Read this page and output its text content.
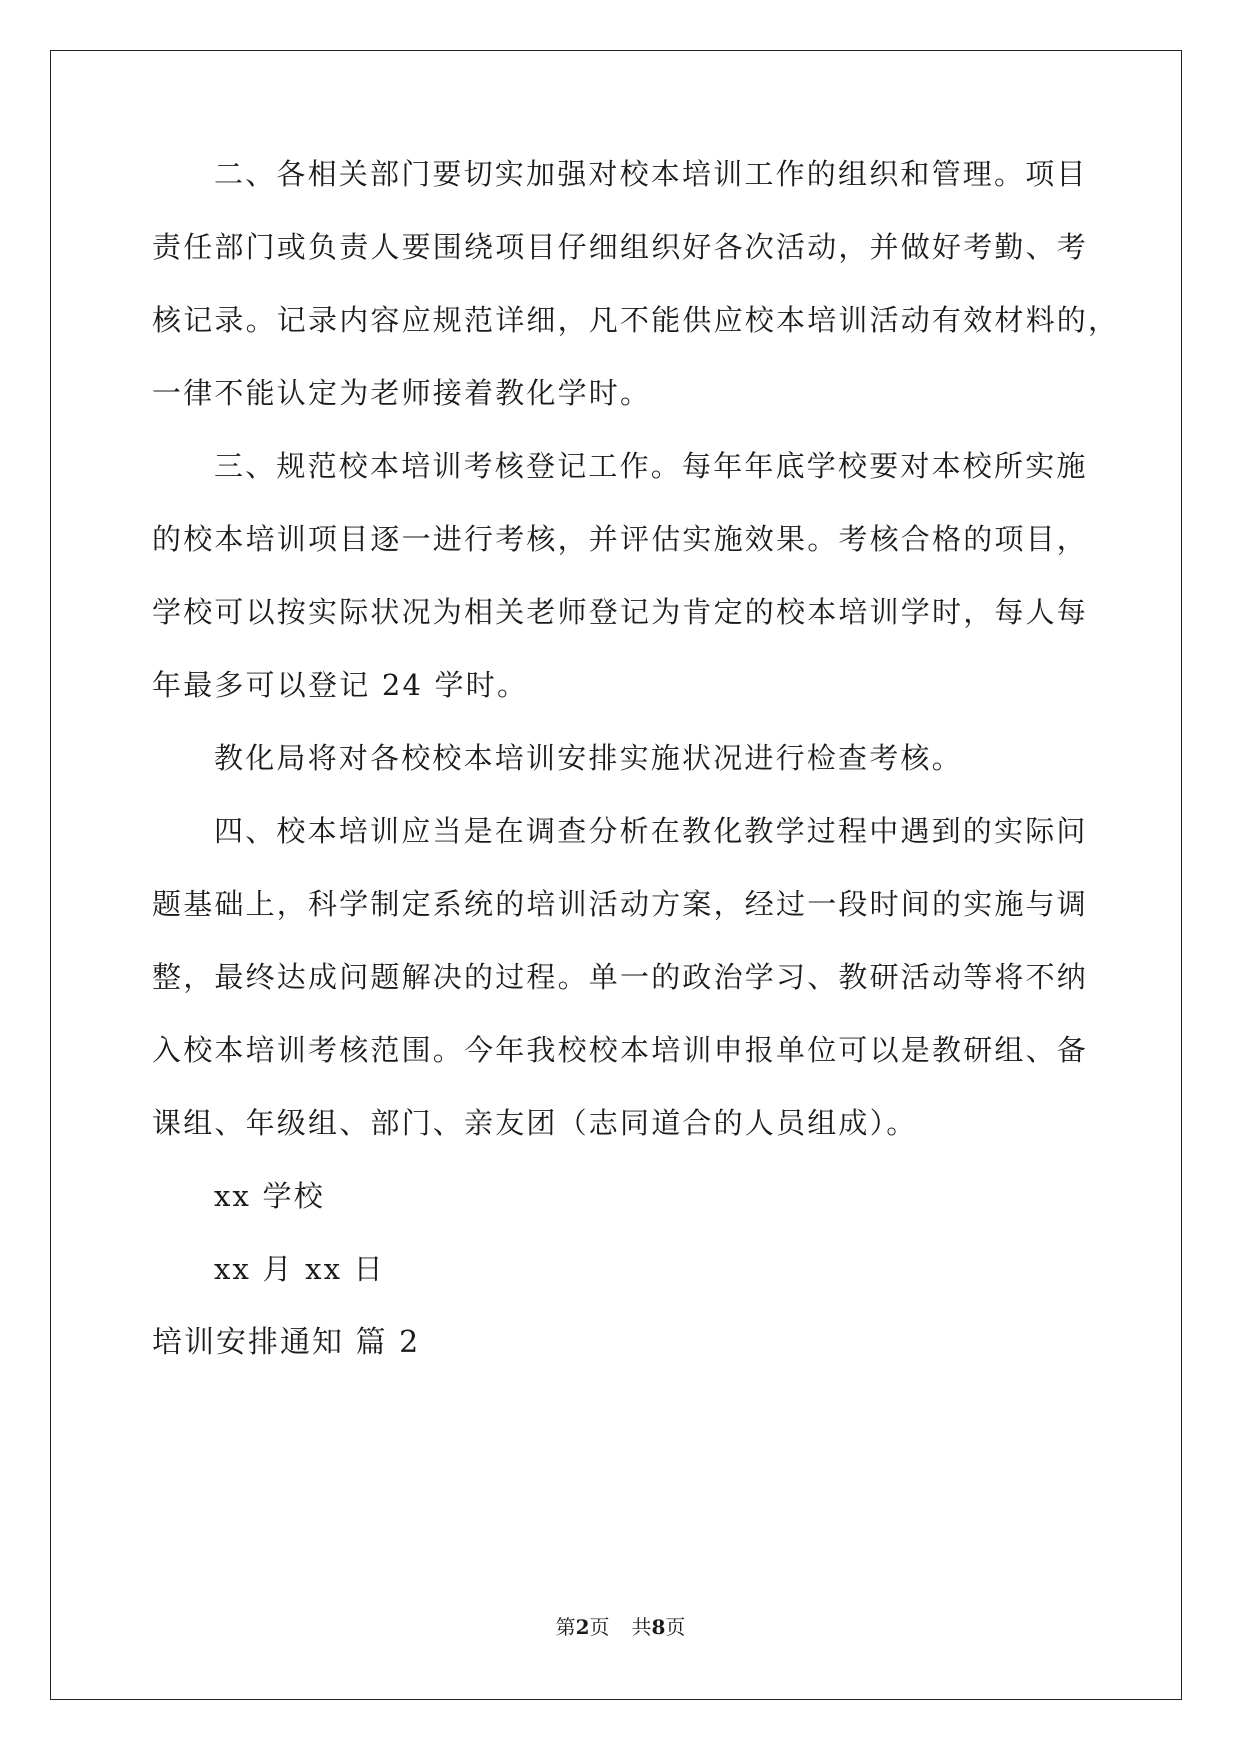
二、各相关部门要切实加强对校本培训工作的组织和管理。项目
责任部门或负责人要围绕项目仔细组织好各次活动，并做好考勤、考
核记录。记录内容应规范详细，凡不能供应校本培训活动有效材料的，
一律不能认定为老师接着教化学时。
三、规范校本培训考核登记工作。每年年底学校要对本校所实施
的校本培训项目逐一进行考核，并评估实施效果。考核合格的项目，
学校可以按实际状况为相关老师登记为肯定的校本培训学时，每人每
年最多可以登记 24 学时。
教化局将对各校校本培训安排实施状况进行检查考核。
四、校本培训应当是在调查分析在教化教学过程中遇到的实际问
题基础上，科学制定系统的培训活动方案，经过一段时间的实施与调
整，最终达成问题解决的过程。单一的政治学习、教研活动等将不纳
入校本培训考核范围。今年我校校本培训申报单位可以是教研组、备
课组、年级组、部门、亲友团（志同道合的人员组成）。
xx 学校
xx 月 xx 日
培训安排通知 篇 2
第2页 共8页
